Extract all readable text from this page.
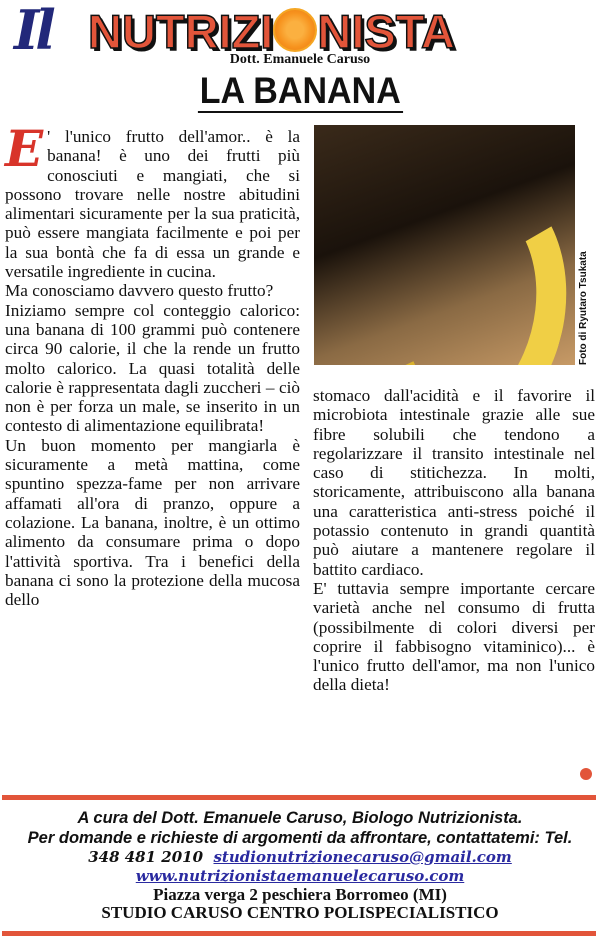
Il NUTRIZI NISTA
Dott. Emanuele Caruso
LA BANANA
E ' l'unico frutto dell'amor.. è la banana! è uno dei frutti più conosciuti e mangiati, che si possono trovare nelle nostre abitudini alimentari sicuramente per la sua praticità, può essere mangiata facilmente e poi per la sua bontà che fa di essa un grande e versatile ingrediente in cucina.

Ma conosciamo davvero questo frutto?

Iniziamo sempre col conteggio calorico: una banana di 100 grammi può contenere circa 90 calorie, il che la rende un frutto molto calorico. La quasi totalità delle calorie è rappresentata dagli zuccheri – ciò non è per forza un male, se inserito in un contesto di alimentazione equilibrata!

Un buon momento per mangiarla è sicuramente a metà mattina, come spuntino spezza-fame per non arrivare affamati all'ora di pranzo, oppure a colazione. La banana, inoltre, è un ottimo alimento da consumare prima o dopo l'attività sportiva. Tra i benefici della banana ci sono la protezione della mucosa dello

Foto di Ryutaro Tsukata

stomaco dall'acidità e il favorire il microbiota intestinale grazie alle sue fibre solubili che tendono a regolarizzare il transito intestinale nel caso di stitichezza. In molti, storicamente, attribuiscono alla banana una caratteristica anti-stress poiché il potassio contenuto in grandi quantità può aiutare a mantenere regolare il battito cardiaco.

E' tuttavia sempre importante cercare varietà anche nel consumo di frutta (possibilmente di colori diversi per coprire il fabbisogno vitaminico)... è l'unico frutto dell'amor, ma non l'unico della dieta!

A cura del Dott. Emanuele Caruso, Biologo Nutrizionista.
Per domande e richieste di argomenti da affrontare, contattatemi: Tel.
348 481 2010 studionutrizionecaruso@gmail.com
www.nutrizionistaemanuelecaruso.com
Piazza verga 2 peschiera Borromeo (MI)
STUDIO CARUSO CENTRO POLISPECIALISTICO
